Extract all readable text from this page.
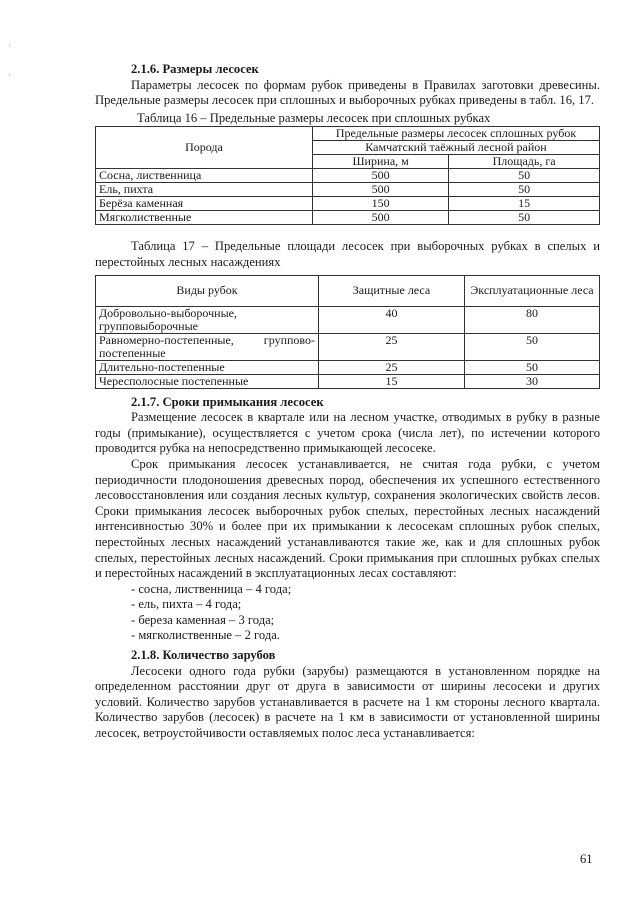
·
·	2.1.6. Размеры лесосек

Параметры лесосек по формам рубок приведены в Правилах заготовки древесины. Предельные размеры лесосек при сплошных и выборочных рубках приведены в табл. 16, 17.

Таблица 16 – Предельные размеры лесосек при сплошных рубках
Порода	Предельные размеры лесосек сплошных рубок	
	Камчатский таёжный лесной район	
	Ширина, м	Площадь, га
Сосна, лиственница	500	50
Ель, пихта	500	50
Берёза каменная	150	15
Мягколиственные	500	50

Таблица 17 – Предельные площади лесосек при выборочных рубках в спелых и перестойных лесных насаждениях

Виды рубок	Защитные леса	Эксплуатационные леса
Добровольно-выборочные, групповыборочные	40	80
Равномерно-постепенные, группово-постепенные	25	50
Длительно-постепенные	25	50
Чересполосные постепенные	15	30
2.1.7. Сроки примыкания лесосек

Размещение лесосек в квартале или на лесном участке, отводимых в рубку в разные годы (примыкание), осуществляется с учетом срока (числа лет), по истечении которого проводится рубка на непосредственно примыкающей лесосеке.

Срок примыкания лесосек устанавливается, не считая года рубки, с учетом периодичности плодоношения древесных пород, обеспечения их успешного естественного лесовосстановления или создания лесных культур, сохранения экологических свойств лесов. Сроки примыкания лесосек выборочных рубок спелых, перестойных лесных насаждений интенсивностью 30% и более при их примыкании к лесосекам сплошных рубок спелых, перестойных лесных насаждений устанавливаются такие же, как и для сплошных рубок спелых, перестойных лесных насаждений. Сроки примыкания при сплошных рубках спелых и перестойных насаждений в эксплуатационных лесах составляют:

- сосна, лиственница – 4 года;
- ель, пихта – 4 года;
- береза каменная – 3 года;
- мягколиственные – 2 года.
2.1.8. Количество зарубов

Лесосеки одного года рубки (зарубы) размещаются в установленном порядке на определенном расстоянии друг от друга в зависимости от ширины лесосеки и других условий. Количество зарубов устанавливается в расчете на 1 км стороны лесного квартала. Количество зарубов (лесосек) в расчете на 1 км в зависимости от установленной ширины лесосек, ветроустойчивости оставляемых полос леса устанавливается:

61
